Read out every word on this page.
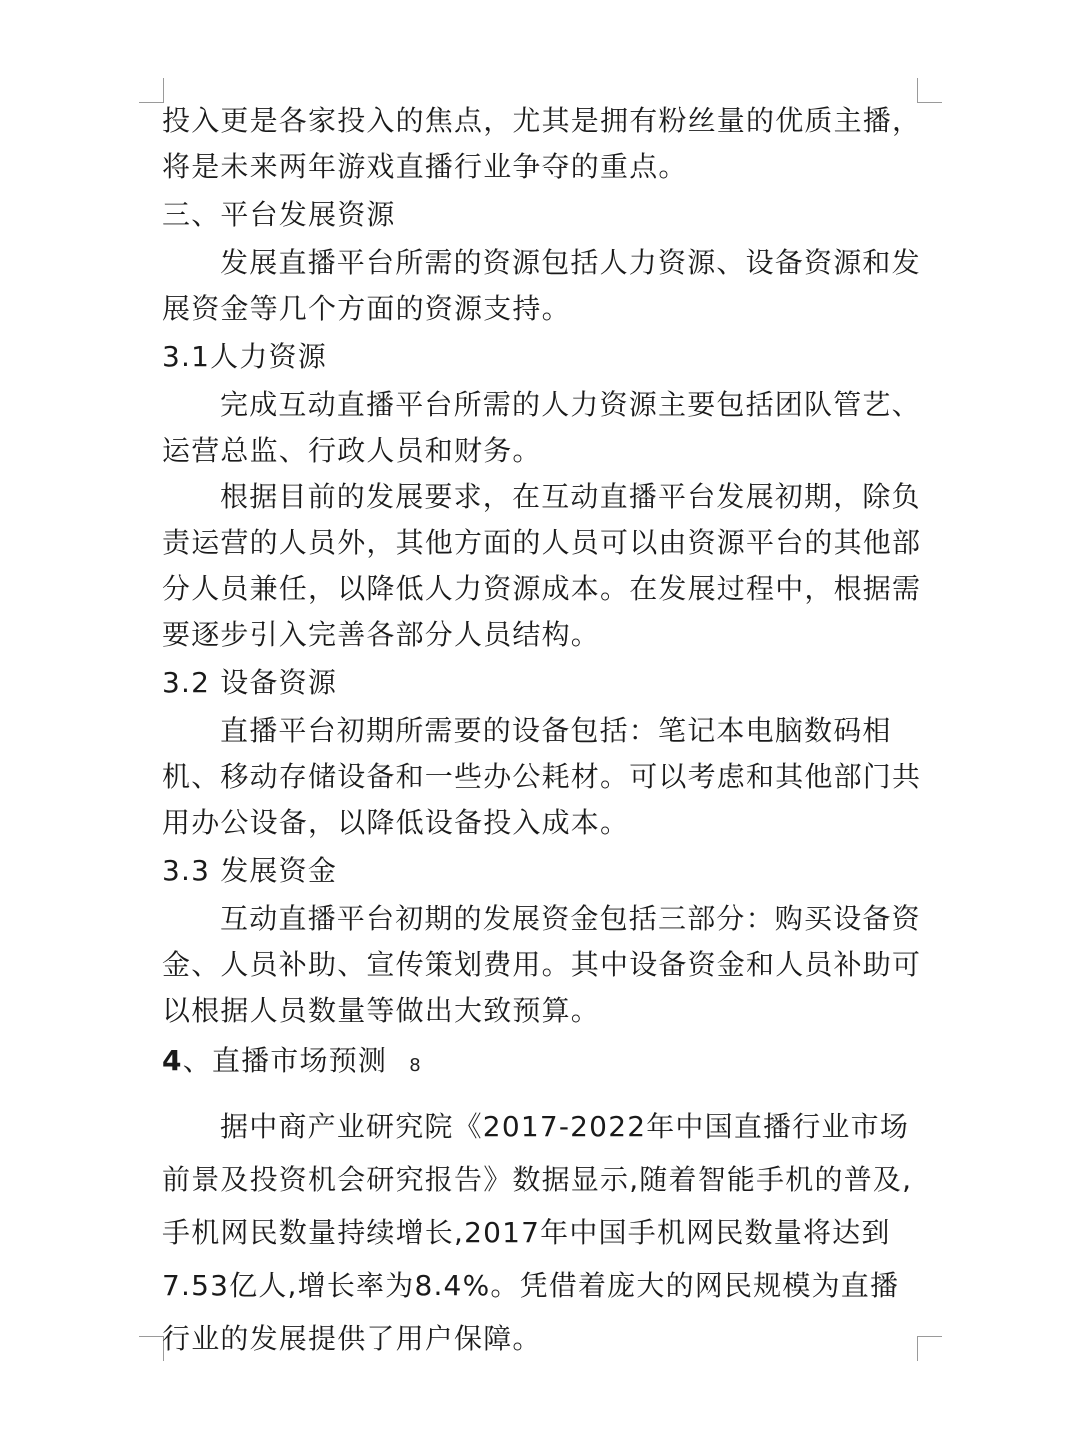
投入更是各家投入的焦点，尤其是拥有粉丝量的优质主播，将是未来两年游戏直播行业争夺的重点。

三、平台发展资源

发展直播平台所需的资源包括人力资源、设备资源和发展资金等几个方面的资源支持。

3.1人力资源

完成互动直播平台所需的人力资源主要包括团队管艺、运营总监、行政人员和财务。

根据目前的发展要求，在互动直播平台发展初期，除负责运营的人员外，其他方面的人员可以由资源平台的其他部分人员兼任，以降低人力资源成本。在发展过程中，根据需要逐步引入完善各部分人员结构。

3.2 设备资源

直播平台初期所需要的设备包括：笔记本电脑数码相机、移动存储设备和一些办公耗材。可以考虑和其他部门共用办公设备，以降低设备投入成本。

3.3 发展资金

互动直播平台初期的发展资金包括三部分：购买设备资金、人员补助、宣传策划费用。其中设备资金和人员补助可以根据人员数量等做出大致预算。

4、直播市场预测

据中商产业研究院《2017-2022年中国直播行业市场前景及投资机会研究报告》数据显示,随着智能手机的普及,手机网民数量持续增长,2017年中国手机网民数量将达到7.53亿人,增长率为8.4%。凭借着庞大的网民规模为直播行业的发展提供了用户保障。

8
